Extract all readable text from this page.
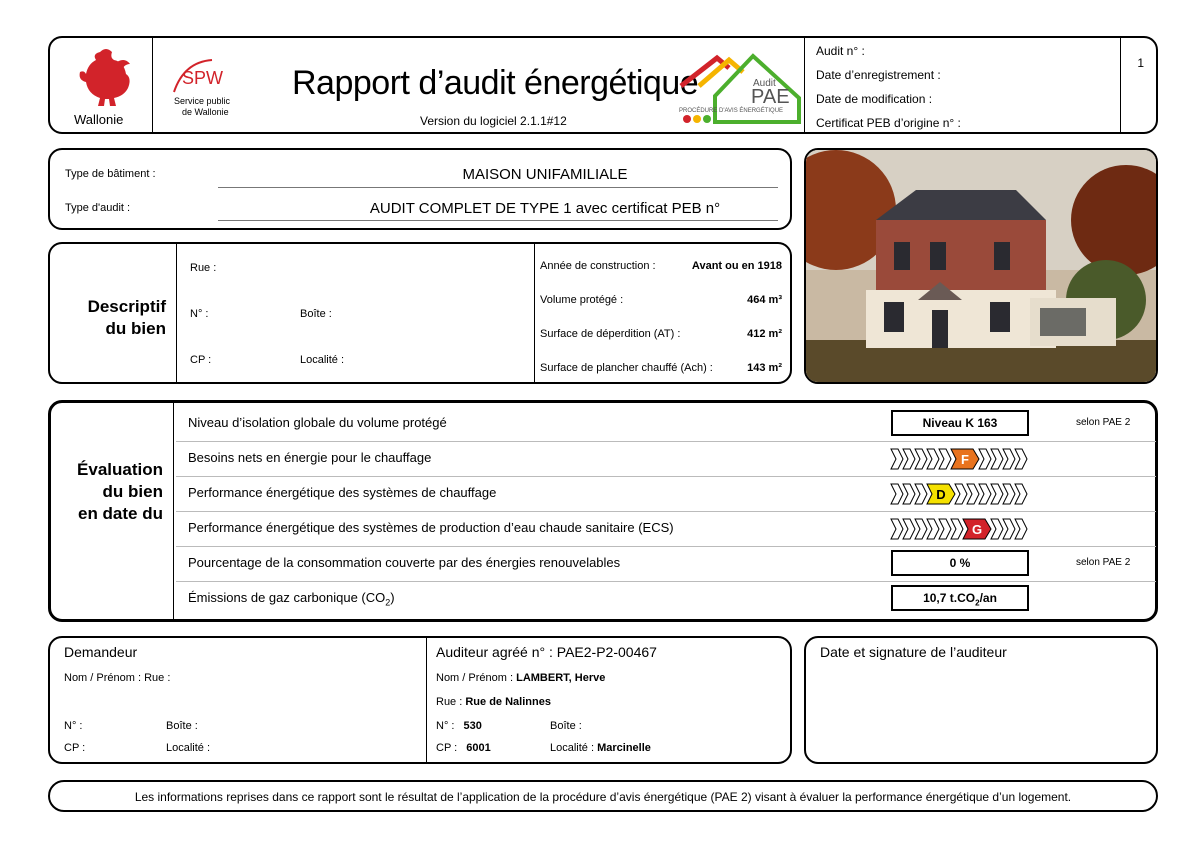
Wallonie
SPW
Service public
de Wallonie
Rapport d’audit énergétique
Version du logiciel 2.1.1#12
Audit
PAE
PROCÉDURE D'AVIS ÉNERGÉTIQUE
Audit n° :
Date d’enregistrement :
Date de modification :
Certificat PEB d’origine n° :
1
Type de bâtiment :	MAISON UNIFAMILIALE
Type d'audit :	AUDIT COMPLET DE TYPE 1 avec certificat PEB n°
Descriptif
du bien
Rue :
N° :	Boîte :
CP :	Localité :
Année de construction :	Avant ou en 1918
Volume protégé :	464 m³
Surface de déperdition (AT) :	412 m²
Surface de plancher chauffé (Ach) :	143 m²
Évaluation
du bien
en date du
Niveau d’isolation globale du volume protégé	Niveau K 163	selon PAE 2
Besoins nets en énergie pour le chauffage	F
Performance énergétique des systèmes de chauffage	D
Performance énergétique des systèmes de production d’eau chaude sanitaire (ECS)	G
Pourcentage de la consommation couverte par des énergies renouvelables	0 %	selon PAE 2
Émissions de gaz carbonique $(CO_2)$	10,7 $t.CO_2/an$
Demandeur
Nom / Prénom : Rue :
N° :	Boîte :
CP :	Localité :
Auditeur agréé n° : PAE2-P2-00467
Nom / Prénom : LAMBERT, Herve
Rue : Rue de Nalinnes
N° : 530	Boîte :
CP : 6001	Localité : Marcinelle
Date et signature de l’auditeur
Les informations reprises dans ce rapport sont le résultat de l’application de la procédure d’avis énergétique (PAE 2) visant à évaluer la performance énergétique d’un logement.
